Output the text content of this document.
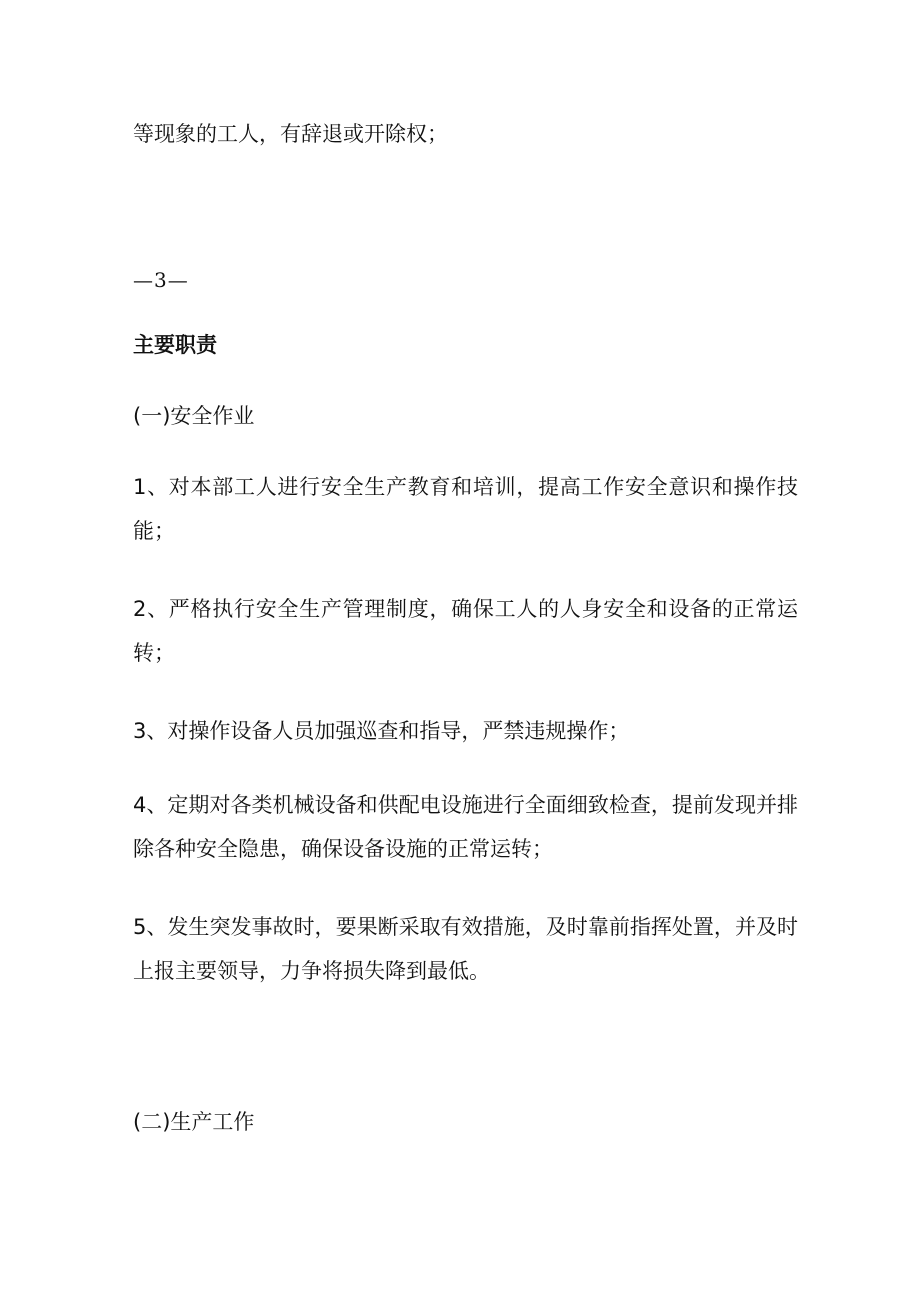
等现象的工人，有辞退或开除权；
—3—
主要职责
(一)安全作业
1、对本部工人进行安全生产教育和培训，提高工作安全意识和操作技能；
2、严格执行安全生产管理制度，确保工人的人身安全和设备的正常运转；
3、对操作设备人员加强巡查和指导，严禁违规操作；
4、定期对各类机械设备和供配电设施进行全面细致检查，提前发现并排除各种安全隐患，确保设备设施的正常运转；
5、发生突发事故时，要果断采取有效措施，及时靠前指挥处置，并及时上报主要领导，力争将损失降到最低。
(二)生产工作
